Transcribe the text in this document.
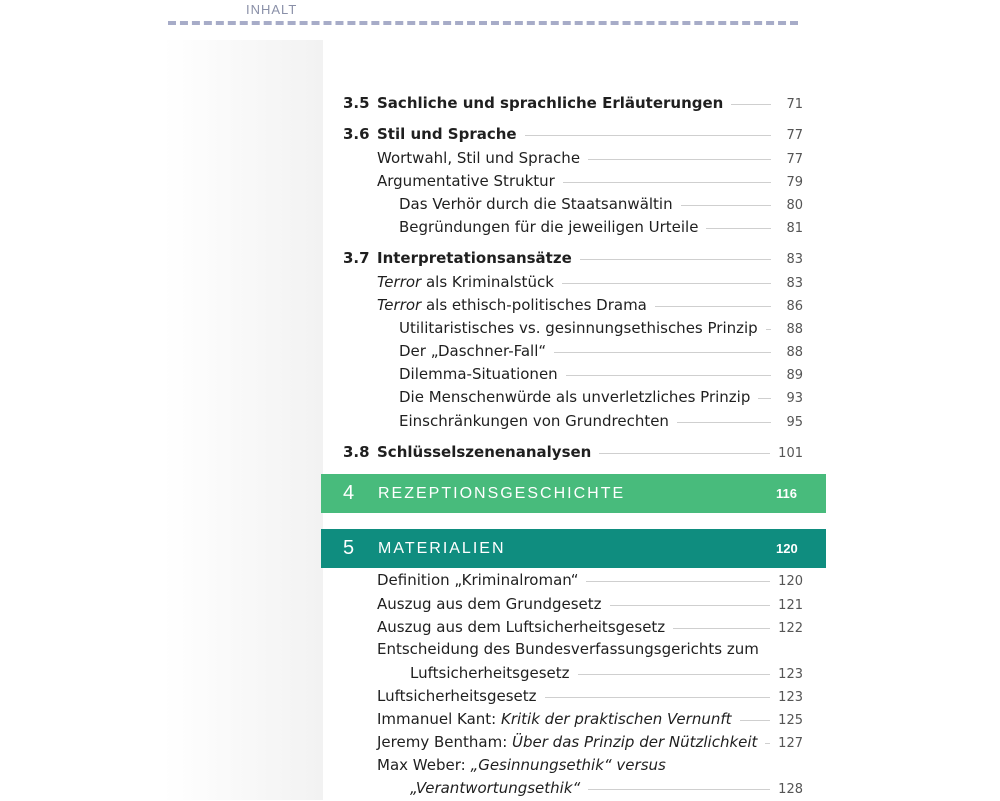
INHALT
3.5 Sachliche und sprachliche Erläuterungen	71
3.6 Stil und Sprache	77
Wortwahl, Stil und Sprache	77
Argumentative Struktur	79
Das Verhör durch die Staatsanwältin	80
Begründungen für die jeweiligen Urteile	81
3.7 Interpretationsansätze	83
Terror als Kriminalstück	83
Terror als ethisch-politisches Drama	86
Utilitaristisches vs. gesinnungsethisches Prinzip	88
Der „Daschner-Fall“	88
Dilemma-Situationen	89
Die Menschenwürde als unverletzliches Prinzip	93
Einschränkungen von Grundrechten	95
3.8 Schlüsselszenenanalysen	101
4	REZEPTIONSGESCHICHTE	116
5	MATERIALIEN	120
Definition „Kriminalroman“	120
Auszug aus dem Grundgesetz	121
Auszug aus dem Luftsicherheitsgesetz	122
Entscheidung des Bundesverfassungsgerichts zum
Luftsicherheitsgesetz	123
Luftsicherheitsgesetz	123
Immanuel Kant: Kritik der praktischen Vernunft	125
Jeremy Bentham: Über das Prinzip der Nützlichkeit 127
Max Weber: „Gesinnungsethik“ versus
„Verantwortungsethik“	128
